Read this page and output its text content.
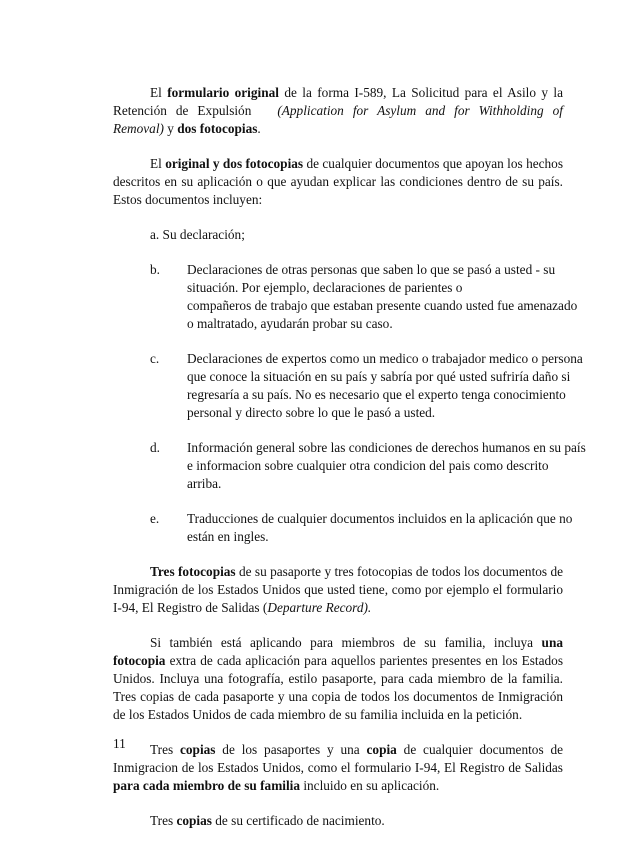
El formulario original de la forma I-589, La Solicitud para el Asilo y la Retención de Expulsión (Application for Asylum and for Withholding of Removal) y dos fotocopias.

El original y dos fotocopias de cualquier documentos que apoyan los hechos descritos en su aplicación o que ayudan explicar las condiciones dentro de su país. Estos documentos incluyen:

a. Su declaración;
b.	Declaraciones de otras personas que saben lo que se pasó a usted - su
situación. Por ejemplo, declaraciones de parientes o
compañeros de trabajo que estaban presente cuando usted fue amenazado
o maltratado, ayudarán probar su caso.
c.	Declaraciones de expertos como un medico o trabajador medico o persona
que conoce la situación en su país y sabría por qué usted sufriría daño si
regresaría a su país. No es necesario que el experto tenga conocimiento
personal y directo sobre lo que le pasó a usted.
d.	Información general sobre las condiciones de derechos humanos en su país
e informacion sobre cualquier otra condicion del pais como descrito
arriba.
e.	Traducciones de cualquier documentos incluidos en la aplicación que no
están en ingles.

Tres fotocopias de su pasaporte y tres fotocopias de todos los documentos de Inmigración de los Estados Unidos que usted tiene, como por ejemplo el formulario I-94, El Registro de Salidas (Departure Record).

Si también está aplicando para miembros de su familia, incluya una fotocopia extra de cada aplicación para aquellos parientes presentes en los Estados Unidos. Incluya una fotografía, estilo pasaporte, para cada miembro de la familia. Tres copias de cada pasaporte y una copia de todos los documentos de Inmigración de los Estados Unidos de cada miembro de su familia incluida en la petición.

Tres copias de los pasaportes y una copia de cualquier documentos de Inmigracion de los Estados Unidos, como el formulario I-94, El Registro de Salidas para cada miembro de su familia incluido en su aplicación.

Tres copias de su certificado de nacimiento.

11
